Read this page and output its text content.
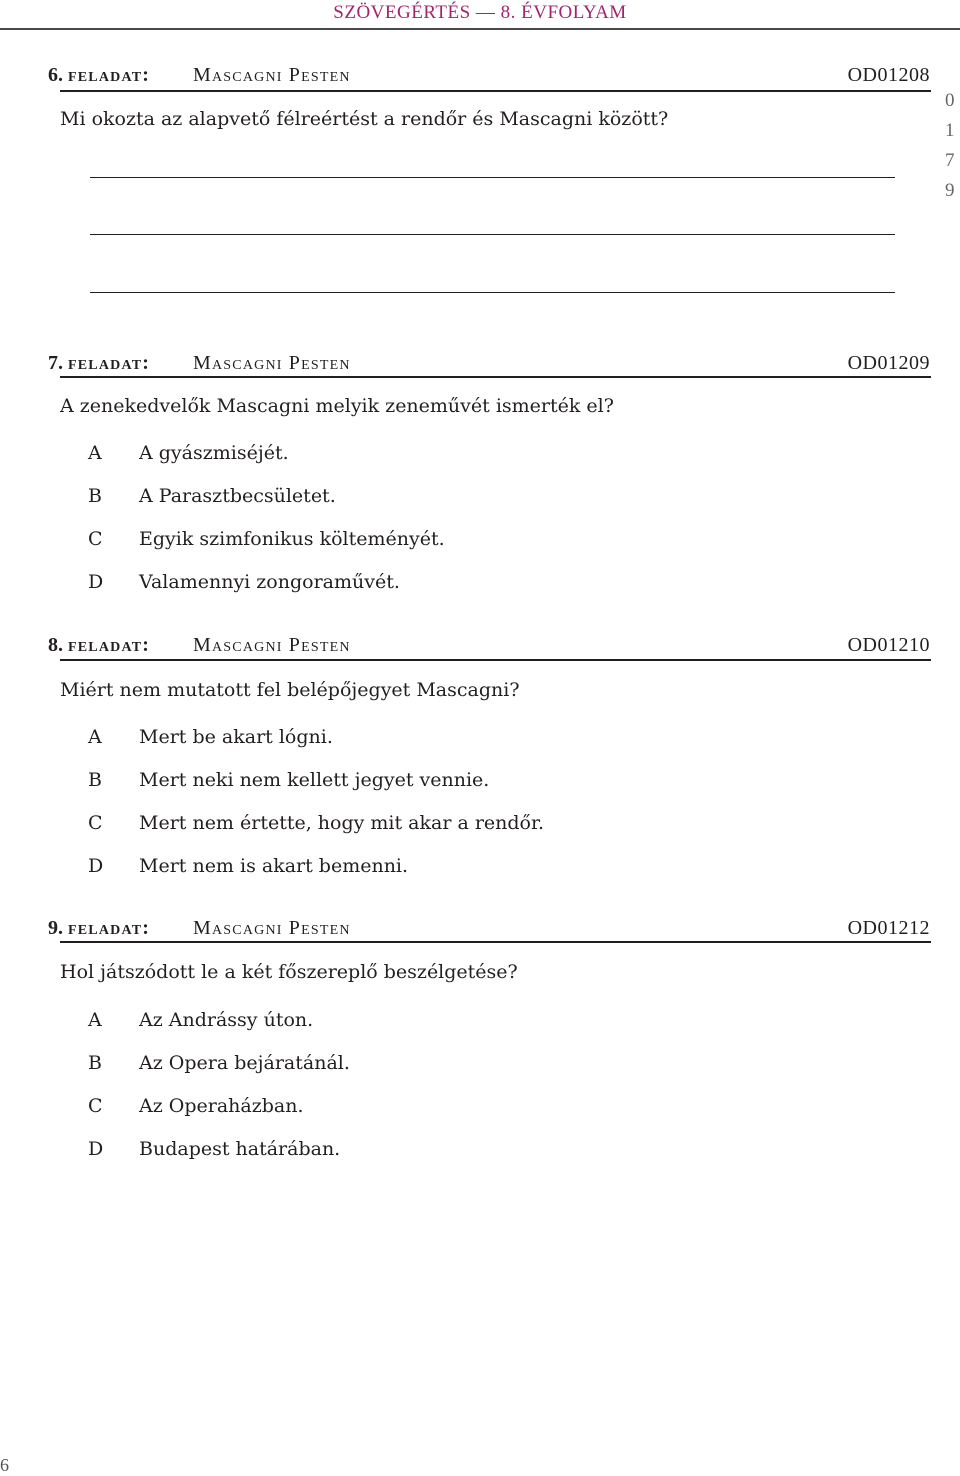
SZÖVEGÉRTÉS — 8. ÉVFOLYAM
0
1
7
9
6. feladat: Mascagni Pesten	OD01208
Mi okozta az alapvető félreértést a rendőr és Mascagni között?
7. feladat: Mascagni Pesten	OD01209
A zenekedvelők Mascagni melyik zeneművét ismerték el?
A A gyászmiséjét.
B A Parasztbecsületet.
C Egyik szimfonikus költeményét.
D Valamennyi zongoraművét.
8. feladat: Mascagni Pesten	OD01210
Miért nem mutatott fel belépőjegyet Mascagni?
A Mert be akart lógni.
B Mert neki nem kellett jegyet vennie.
C Mert nem értette, hogy mit akar a rendőr.
D Mert nem is akart bemenni.
9. feladat: Mascagni Pesten	OD01212
Hol játszódott le a két főszereplő beszélgetése?
A Az Andrássy úton.
B Az Opera bejáratánál.
C Az Operaházban.
D Budapest határában.
6
